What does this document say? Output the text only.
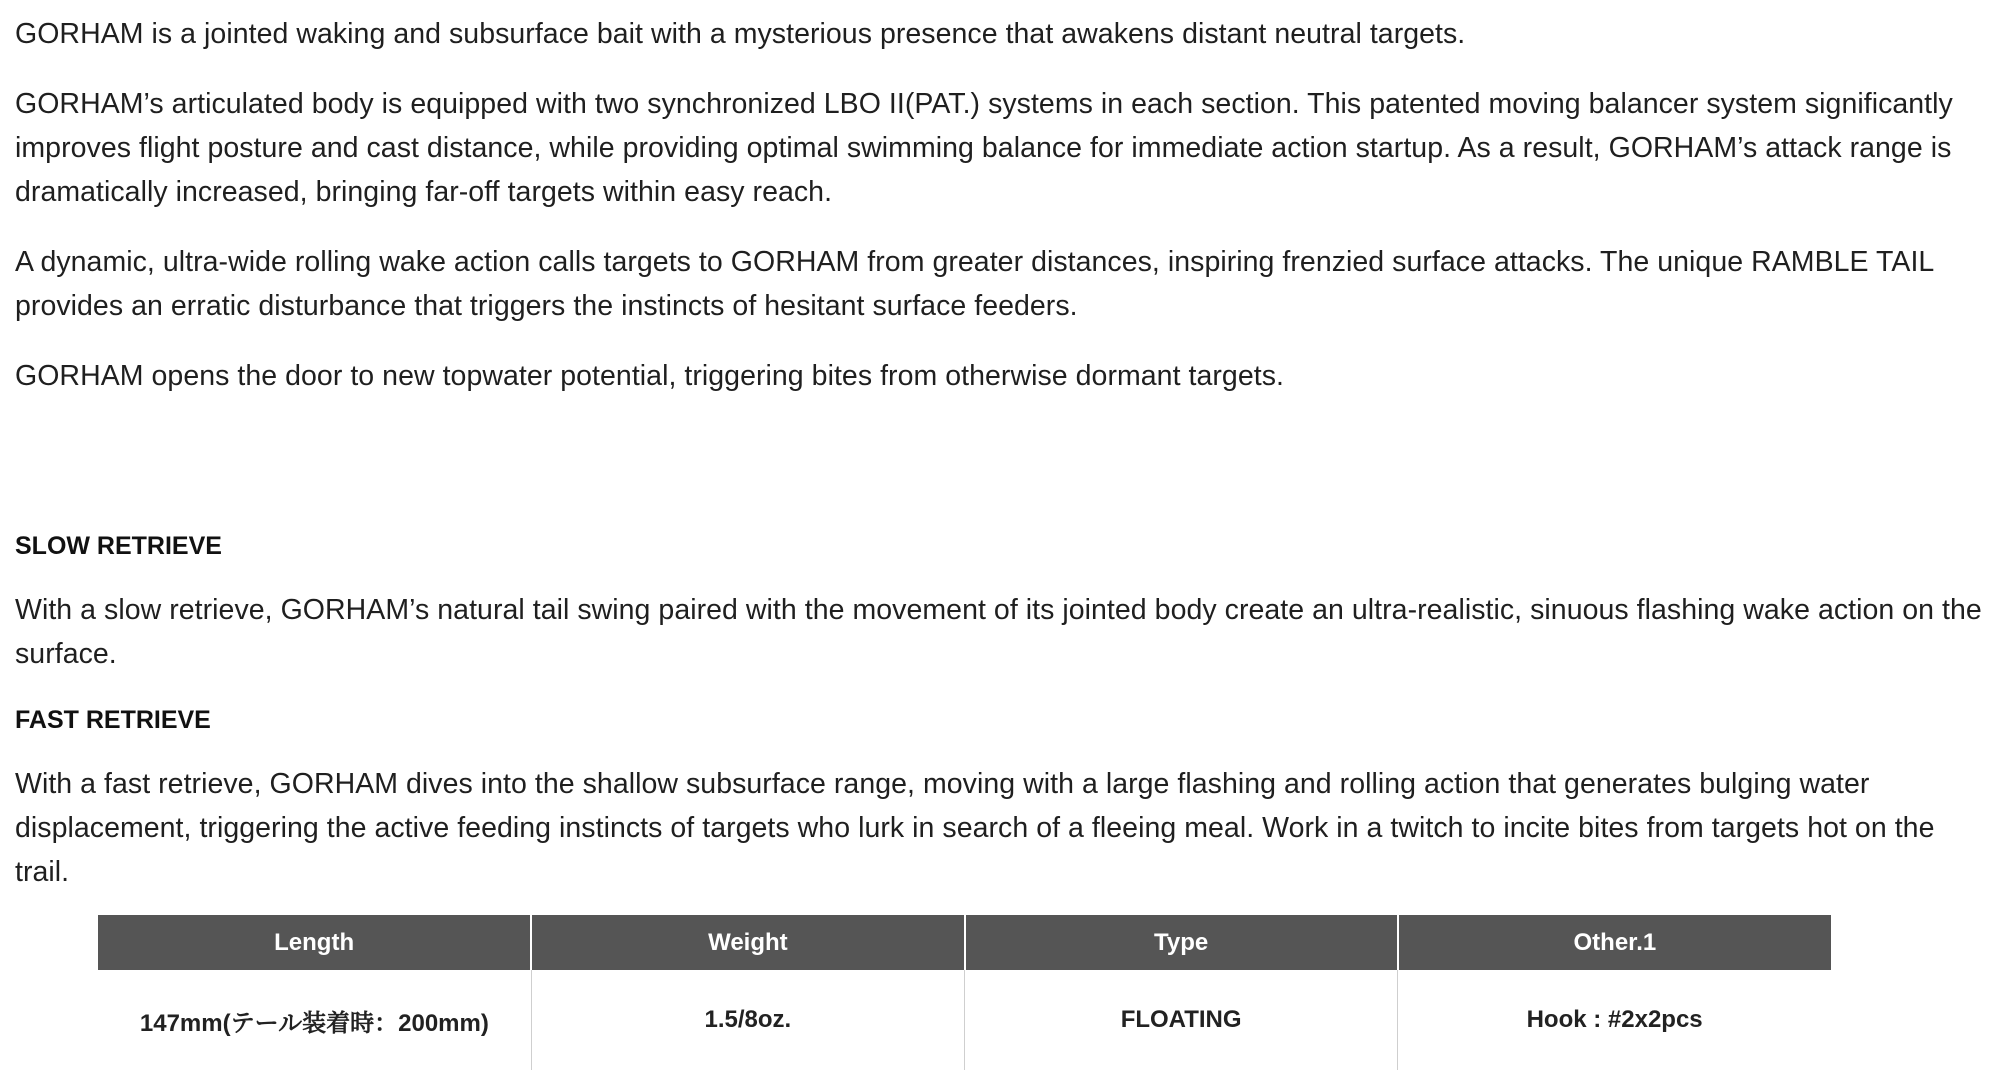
GORHAM is a jointed waking and subsurface bait with a mysterious presence that awakens distant neutral targets.

GORHAM’s articulated body is equipped with two synchronized LBO II(PAT.) systems in each section. This patented moving balancer system significantly improves flight posture and cast distance, while providing optimal swimming balance for immediate action startup. As a result, GORHAM’s attack range is dramatically increased, bringing far-off targets within easy reach.

A dynamic, ultra-wide rolling wake action calls targets to GORHAM from greater distances, inspiring frenzied surface attacks. The unique RAMBLE TAIL provides an erratic disturbance that triggers the instincts of hesitant surface feeders.

GORHAM opens the door to new topwater potential, triggering bites from otherwise dormant targets.

SLOW RETRIEVE

With a slow retrieve, GORHAM’s natural tail swing paired with the movement of its jointed body create an ultra-realistic, sinuous flashing wake action on the surface.

FAST RETRIEVE

With a fast retrieve, GORHAM dives into the shallow subsurface range, moving with a large flashing and rolling action that generates bulging water displacement, triggering the active feeding instincts of targets who lurk in search of a fleeing meal. Work in a twitch to incite bites from targets hot on the trail.

Length	Weight	Type	Other.1
147mm(テール装着時：200mm)	1.5/8oz.	FLOATING	Hook : #2x2pcs
